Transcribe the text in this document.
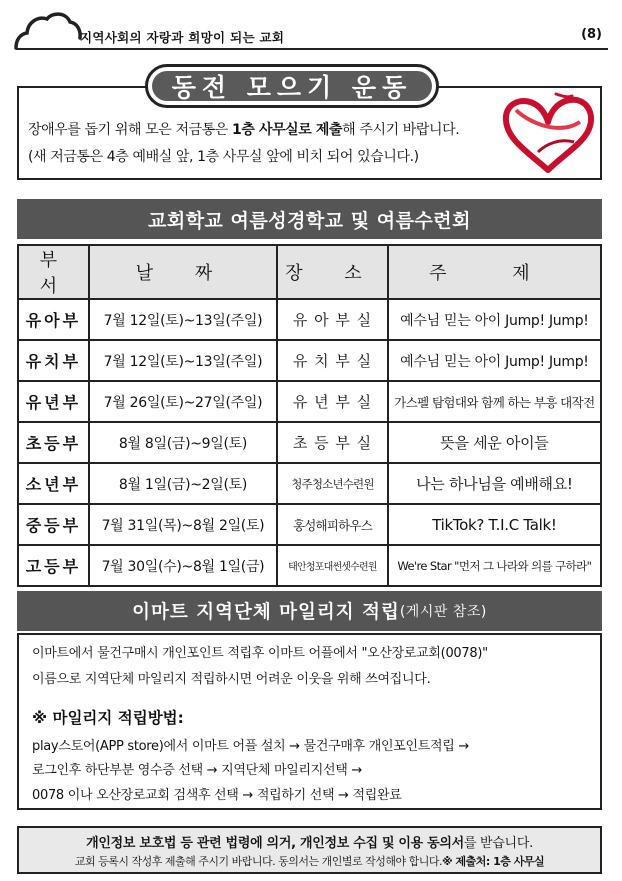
지역사회의 자랑과 희망이 되는 교회	(8)
동전 모으기 운동
장애우를 돕기 위해 모은 저금통은 1층 사무실로 제출해 주시기 바랍니다.
(새 저금통은 4층 예배실 앞, 1층 사무실 앞에 비치 되어 있습니다.)
교회학교 여름성경학교 및 여름수련회
부 서	날 짜	장 소	주 제
유아부	7월 12일(토)~13일(주일)	유 아 부 실	예수님 믿는 아이 Jump! Jump!
유치부	7월 12일(토)~13일(주일)	유 치 부 실	예수님 믿는 아이 Jump! Jump!
유년부	7월 26일(토)~27일(주일)	유 년 부 실	가스펠 탐험대와 함께 하는 부흥 대작전
초등부	8월 8일(금)~9일(토)	초 등 부 실	뜻을 세운 아이들
소년부	8월 1일(금)~2일(토)	청주청소년수련원	나는 하나님을 예배해요!
중등부	7월 31일(목)~8월 2일(토)	홍성해피하우스	TikTok? T.I.C Talk!
고등부	7월 30일(수)~8월 1일(금)	태안청포대썬셋수련원	We're Star "먼저 그 나라와 의를 구하라"
이마트 지역단체 마일리지 적립 (게시판 참조)
이마트에서 물건구매시 개인포인트 적립후 이마트 어플에서 "오산장로교회(0078)"
이름으로 지역단체 마일리지 적립하시면 어려운 이웃을 위해 쓰여집니다.
※ 마일리지 적립방법:
play스토어(APP store)에서 이마트 어플 설치 → 물건구매후 개인포인트적립 →
로그인후 하단부분 영수증 선택 → 지역단체 마일리지선택 →
0078 이나 오산장로교회 검색후 선택 → 적립하기 선택 → 적립완료
개인정보 보호법 등 관련 법령에 의거, 개인정보 수집 및 이용 동의서를 받습니다.
교회 등록시 작성후 제출해 주시기 바랍니다. 동의서는 개인별로 작성해야 합니다.※ 제출처: 1층 사무실
